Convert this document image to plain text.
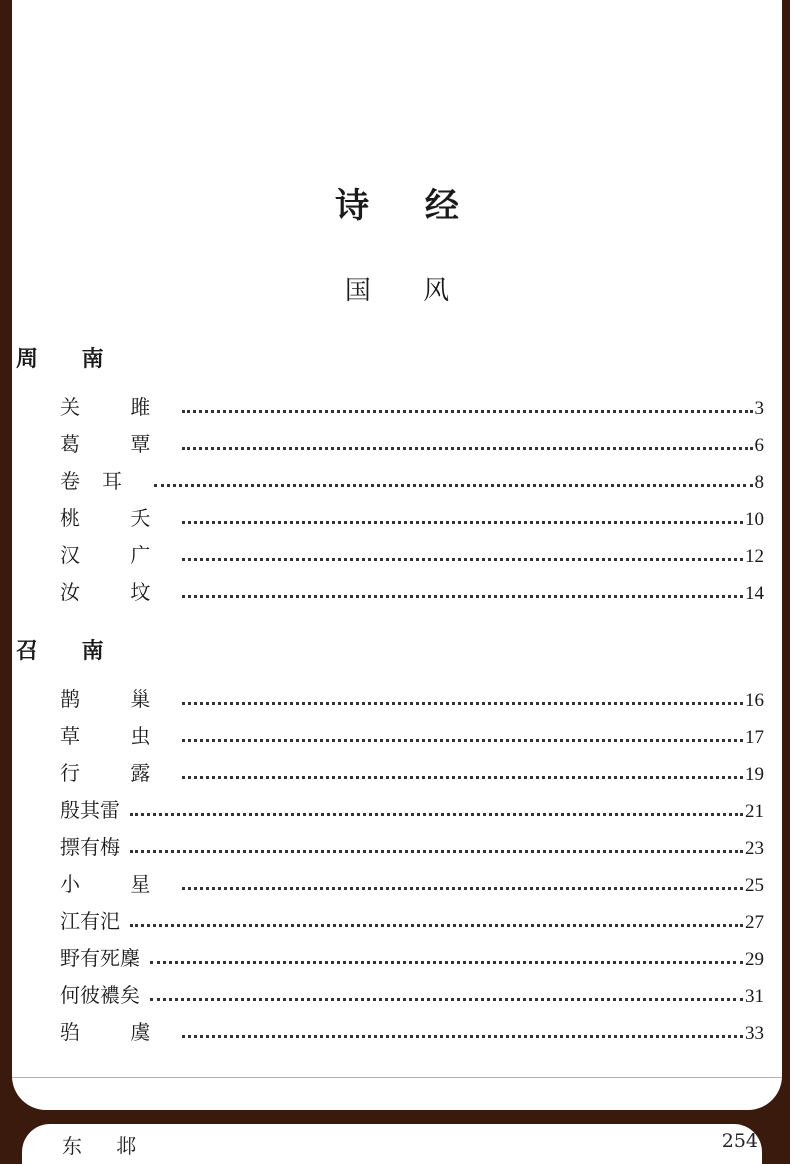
诗 经
国 风
周 南
关 雎	3
葛 覃	6
卷耳	8
桃 夭	10
汉 广	12
汝 坟	14
召 南
鹊 巢	16
草 虫	17
行 露	19
殷其雷	21
摽有梅	23
小 星	25
江有汜	27
野有死麇	29
何彼襛矣	31
驺 虞	33
东 邶	254
